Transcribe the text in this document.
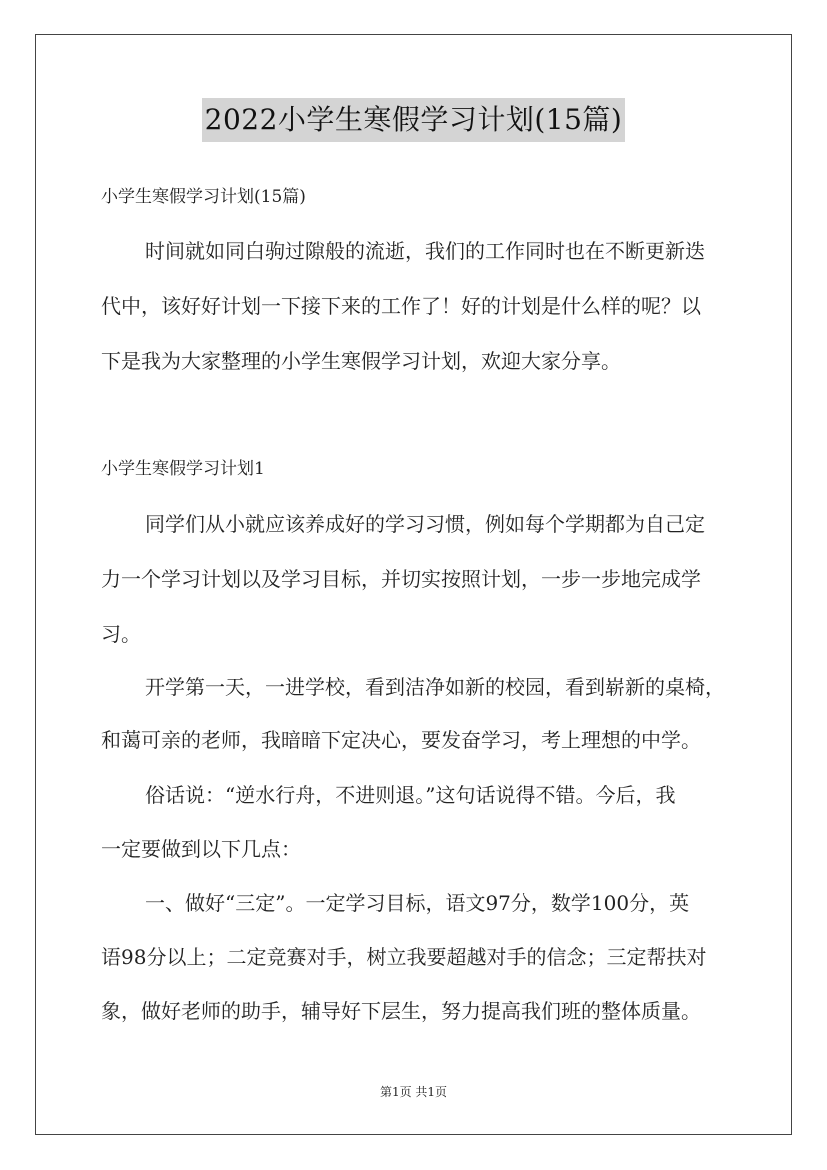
2022小学生寒假学习计划(15篇)
小学生寒假学习计划(15篇)
时间就如同白驹过隙般的流逝，我们的工作同时也在不断更新迭
代中，该好好计划一下接下来的工作了！好的计划是什么样的呢？以
下是我为大家整理的小学生寒假学习计划，欢迎大家分享。
小学生寒假学习计划1
同学们从小就应该养成好的学习习惯，例如每个学期都为自己定
力一个学习计划以及学习目标，并切实按照计划，一步一步地完成学
习。
开学第一天，一进学校，看到洁净如新的校园，看到崭新的桌椅，
和蔼可亲的老师，我暗暗下定决心，要发奋学习，考上理想的中学。
俗话说：“逆水行舟，不进则退。”这句话说得不错。今后，我
一定要做到以下几点：
一、做好“三定”。一定学习目标，语文97分，数学100分，英
语98分以上；二定竞赛对手，树立我要超越对手的信念；三定帮扶对
象，做好老师的助手，辅导好下层生，努力提高我们班的整体质量。
第1页 共1页
